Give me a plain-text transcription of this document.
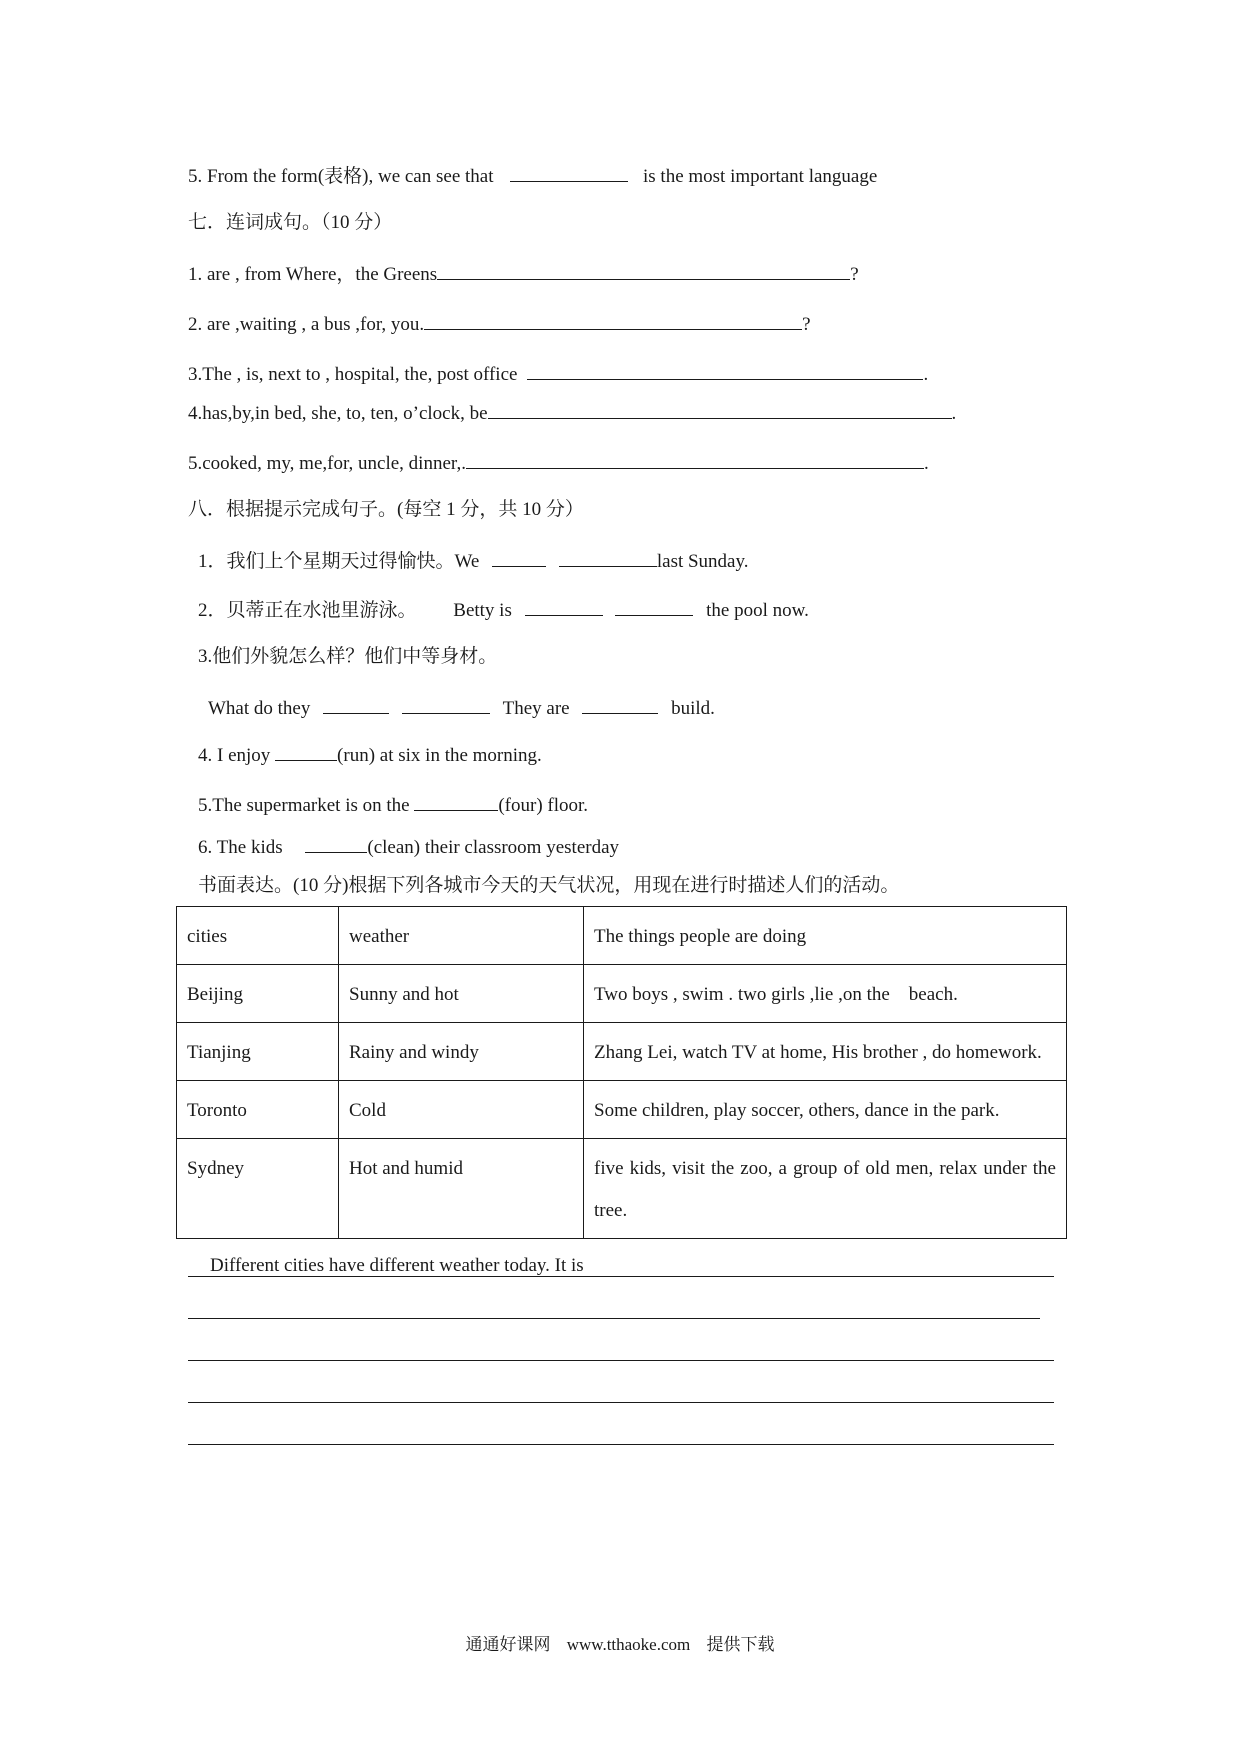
5. From the form(表格), we can see that	is the most important language
七．连词成句。（10 分）
1. are , from Where，the Greens	?
2. are ,waiting , a bus ,for, you.	?
3.The , is, next to , hospital, the, post office	.
4.has,by,in bed, she, to, ten, o’clock, be	.
5.cooked, my, me,for, uncle, dinner,.	.
八．根据提示完成句子。(每空 1 分，共 10 分）
1．我们上个星期天过得愉快。We	last Sunday.
2．贝蒂正在水池里游泳。 Betty is	the pool now.
3.他们外貌怎么样？他们中等身材。
What do they	They are	build.
4. I enjoy	(run) at six in the morning.
5.The supermarket is on the	(four) floor.
6. The kids	(clean) their classroom yesterday
书面表达。(10 分)根据下列各城市今天的天气状况，用现在进行时描述人们的活动。
cities	weather	The things people are doing
Beijing	Sunny and hot	Two boys , swim . two girls ,lie ,on the    beach.
Tianjing	Rainy and windy	Zhang Lei, watch TV at home, His brother , do homework.
Toronto	Cold	Some children, play soccer, others, dance in the park.
Sydney	Hot and humid	five kids, visit the zoo, a group of old men, relax under the tree.
Different cities have different weather today. It is
通通好课网 www.tthaoke.com 提供下载
